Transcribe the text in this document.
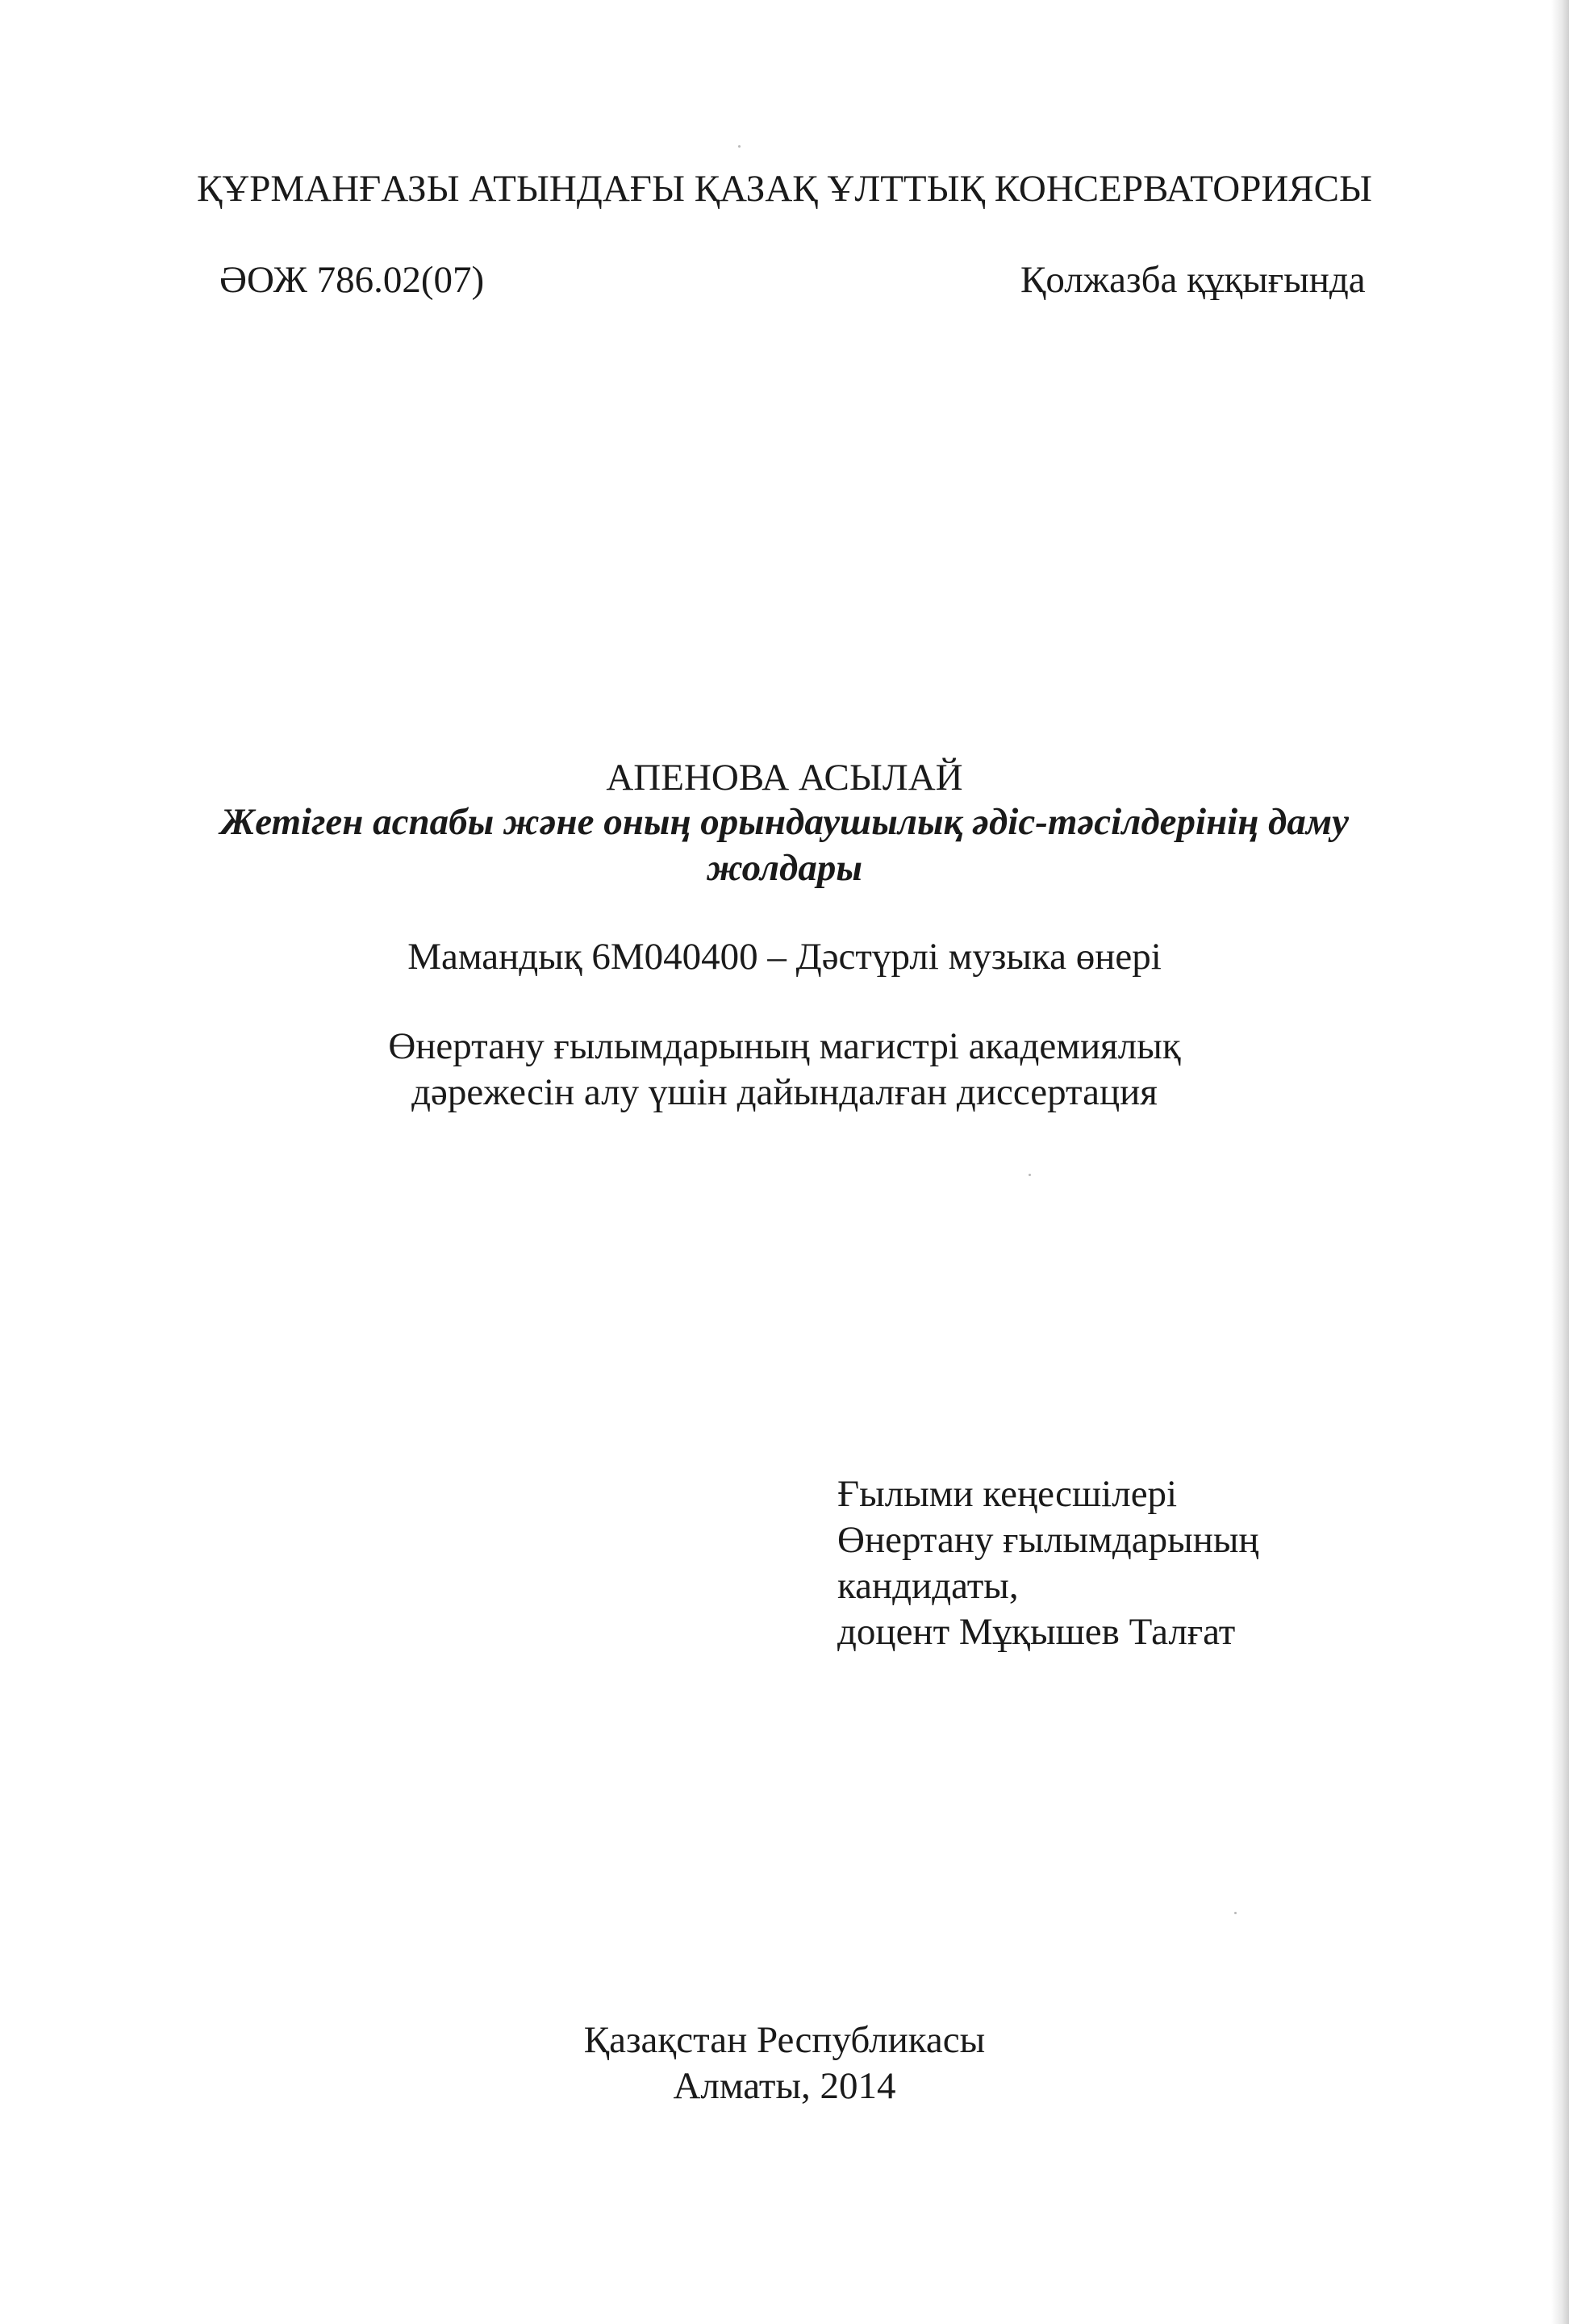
ҚҰРМАНҒАЗЫ АТЫНДАҒЫ ҚАЗАҚ ҰЛТТЫҚ КОНСЕРВАТОРИЯСЫ
ӘОЖ 786.02(07)	Қолжазба құқығында
АПЕНОВА АСЫЛАЙ
Жетіген аспабы және оның орындаушылық әдіс-тәсілдерінің даму
жолдары
Мамандық 6М040400 – Дәстүрлі музыка өнері
Өнертану ғылымдарының магистрі академиялық
дәрежесін алу үшін дайындалған диссертация
Ғылыми кеңесшілері
Өнертану ғылымдарының
кандидаты,
доцент Мұқышев Талғат
Қазақстан Республикасы
Алматы, 2014
